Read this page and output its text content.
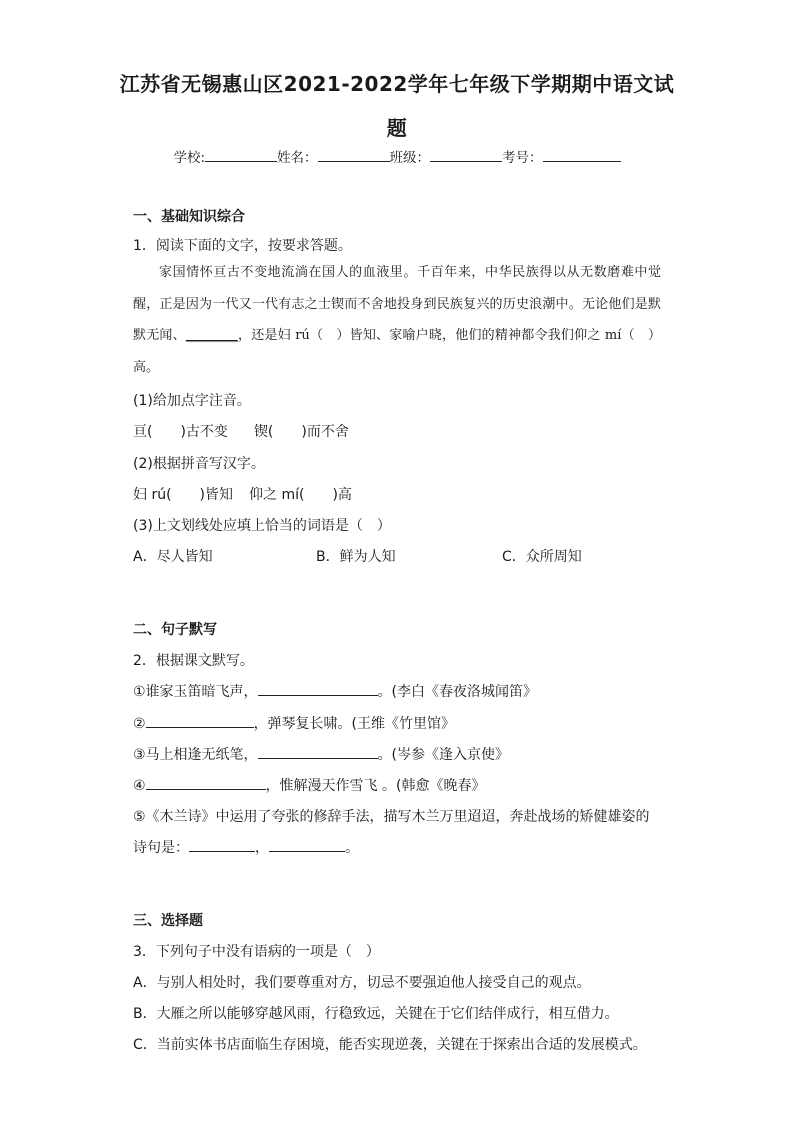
江苏省无锡惠山区2021-2022学年七年级下学期期中语文试
题
学校:	姓名：	班级：	考号：
一、基础知识综合
1．阅读下面的文字，按要求答题。
家国情怀亘古不变地流淌在国人的血液里。千百年来，中华民族得以从无数磨难中觉醒，正是因为一代又一代有志之士锲而不舍地投身到民族复兴的历史浪潮中。无论他们是默默无闻、________，还是妇 rú（　）皆知、家喻户晓，他们的精神都令我们仰之 mí（　）高。
(1)给加点字注音。
亘(　　)古不变 锲(　　)而不舍
(2)根据拼音写汉字。
妇 rú(　　)皆知 仰之 mí(　　)高
(3)上文划线处应填上恰当的词语是（　）
A．尽人皆知	B．鲜为人知	C．众所周知
二、句子默写
2．根据课文默写。
①谁家玉笛暗飞声，	。(李白《春夜洛城闻笛》
②	，弹琴复长啸。(王维《竹里馆》
③马上相逢无纸笔，	。(岑参《逢入京使》
④	，惟解漫天作雪飞 。(韩愈《晚春》
⑤《木兰诗》中运用了夸张的修辞手法，描写木兰万里迢迢，奔赴战场的矫健雄姿的
诗句是：	，	。
三、选择题
3．下列句子中没有语病的一项是（　）
A．与别人相处时，我们要尊重对方，切忌不要强迫他人接受自己的观点。
B．大雁之所以能够穿越风雨，行稳致远，关键在于它们结伴成行，相互借力。
C．当前实体书店面临生存困境，能否实现逆袭，关键在于探索出合适的发展模式。
